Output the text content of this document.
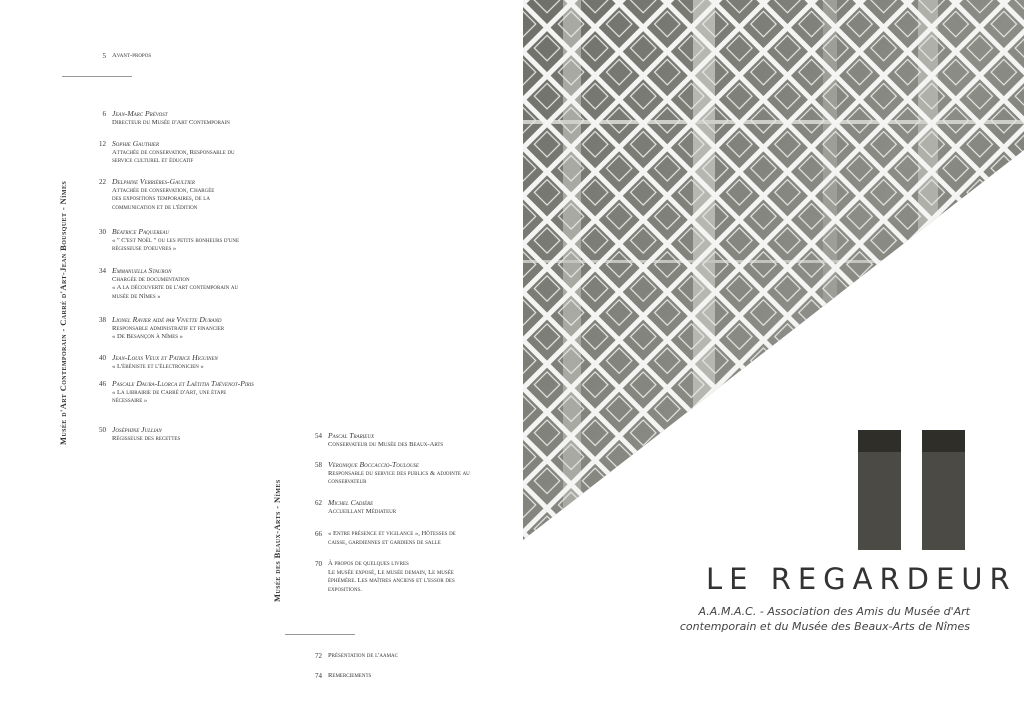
5 Avant-propos
Musée d'Art Contemporain - Carré d'Art-Jean Bousquet - Nîmes
6 Jean-Marc Prévost
Directeur du Musée d'Art Contemporain
12 Sophie Gauthier
Attachée de conservation, Responsable du
service culturel et éducatif
22 Delphine Verrières-Gaultier
Attachée de conservation, Chargée
des expositions temporaires, de la
communication et de l'édition
30 Béatrice Paquereau
« " C'est Noël " ou les petits bonheurs d'une
régisseuse d'oeuvres »
34 Emmanuella Stauron
Chargée de documentation
« A la découverte de l'art contemporain au
musée de Nîmes »
38 Lionel Ravier aidé par Vivette Durand
Responsable administratif et financier
« De Besançon à Nîmes »
40 Jean-Louis Veux et Patrice Higuinen
« L'ébéniste et l'électronicien »
46 Pascale Daura-Llorca et Laëtitia Thévenot-Piris
« La librairie de Carré d'Art, une étape
nécessaire »
50 Joséphine Jullian
Régisseuse des recettes
Musée des Beaux-Arts - Nîmes
54 Pascal Trarieux
Conservateur du Musée des Beaux-Arts
58 Véronique Boccaccio-Toulouse
Responsable du service des publics & adjointe au
conservateur
62 Michel Cadière
Accueillant Médiateur
66 « Entre présence et vigilance », Hôtesses de
caisse, gardiennes et gardiens de salle
70 À propos de quelques livres
Le musée exposé, Le musée demain, Le musée
éphémère. Les maîtres anciens et l'essor des
expositions.
72 Présentation de l'aamac
74 Remerciements
LE REGARDEUR
A.A.M.A.C. - Association des Amis du Musée d'Art
contemporain et du Musée des Beaux-Arts de Nîmes
